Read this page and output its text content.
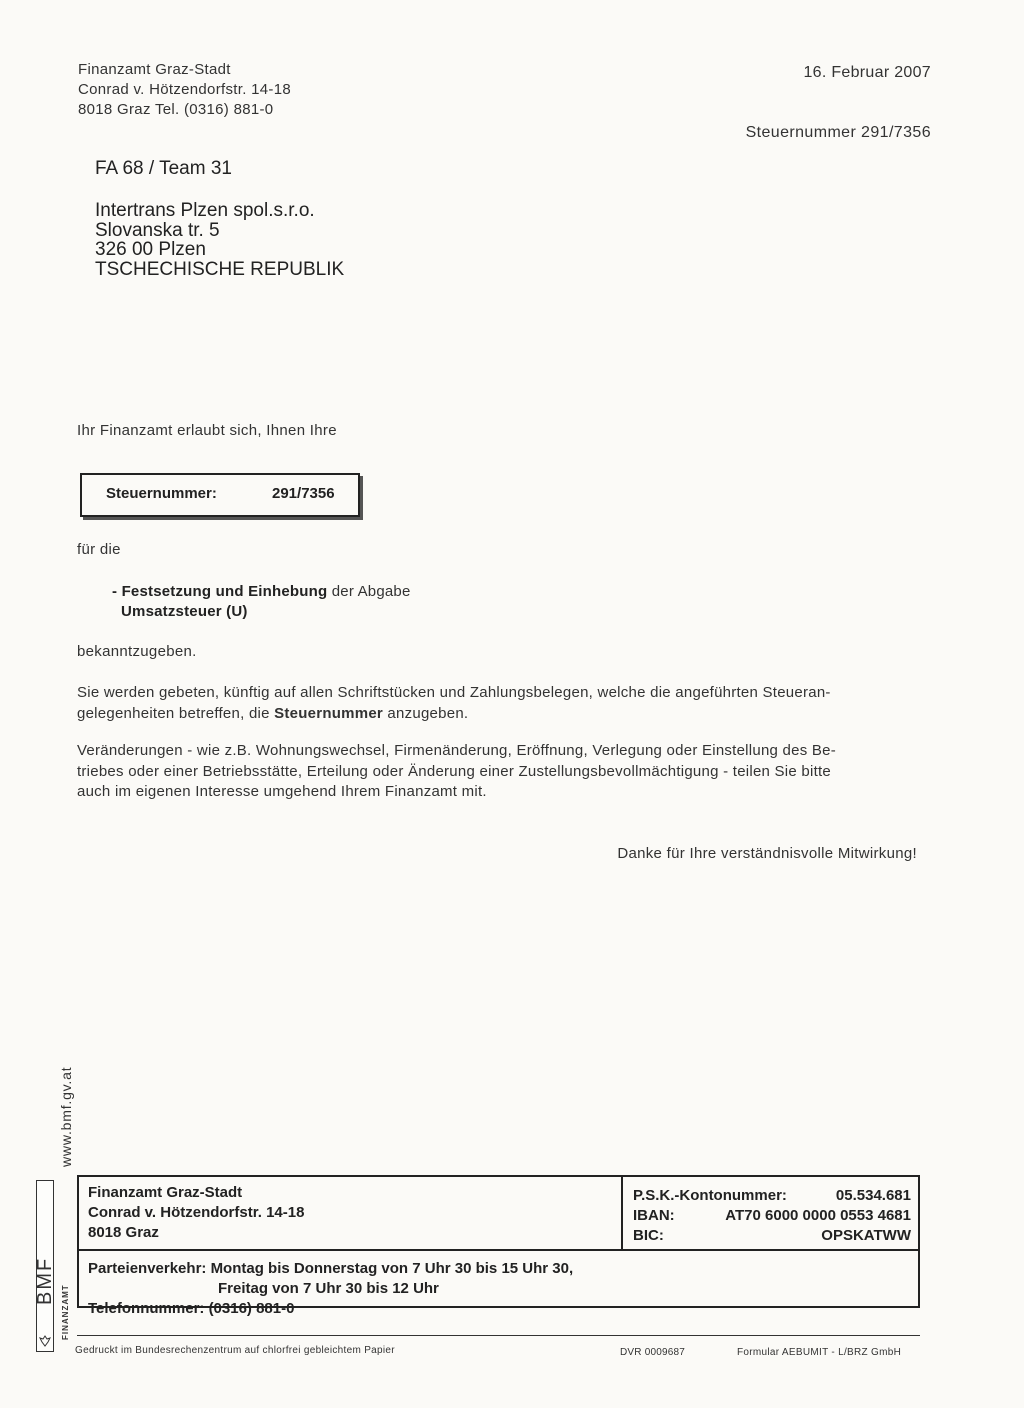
Finanzamt Graz-Stadt
Conrad v. Hötzendorfstr. 14-18
8018 Graz Tel. (0316) 881-0
16. Februar 2007
Steuernummer 291/7356
FA 68 / Team 31
Intertrans Plzen spol.s.r.o.
Slovanska tr. 5
326 00 Plzen
TSCHECHISCHE REPUBLIK
Ihr Finanzamt erlaubt sich, Ihnen Ihre
Steuernummer:	291/7356
für die
- Festsetzung und Einhebung der Abgabe
Umsatzsteuer (U)
bekanntzugeben.
Sie werden gebeten, künftig auf allen Schriftstücken und Zahlungsbelegen, welche die angeführten Steueran-
gelegenheiten betreffen, die Steuernummer anzugeben.
Veränderungen - wie z.B. Wohnungswechsel, Firmenänderung, Eröffnung, Verlegung oder Einstellung des Be-
triebes oder einer Betriebsstätte, Erteilung oder Änderung einer Zustellungsbevollmächtigung - teilen Sie bitte
auch im eigenen Interesse umgehend Ihrem Finanzamt mit.
Danke für Ihre verständnisvolle Mitwirkung!
www.bmf.gv.at
BMF
FINANZAMT
Finanzamt Graz-Stadt
Conrad v. Hötzendorfstr. 14-18
8018 Graz
P.S.K.-Kontonummer:	05.534.681
IBAN:	AT70 6000 0000 0553 4681
BIC:	OPSKATWW
Parteienverkehr: Montag bis Donnerstag von 7 Uhr 30 bis 15 Uhr 30,
Freitag von 7 Uhr 30 bis 12 Uhr
Telefonnummer: (0316) 881-0
Gedruckt im Bundesrechenzentrum auf chlorfrei gebleichtem Papier	DVR 0009687	Formular AEBUMIT - L/BRZ GmbH
